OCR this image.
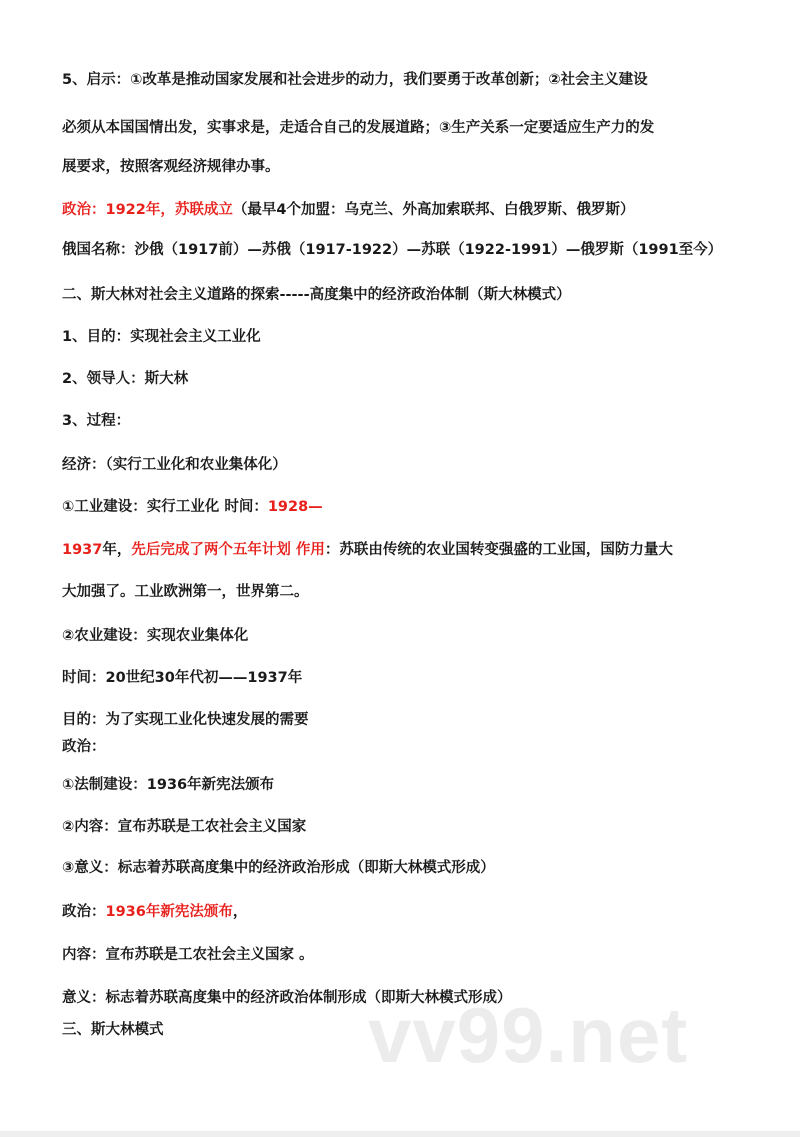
5、启示：①改革是推动国家发展和社会进步的动力，我们要勇于改革创新；②社会主义建设
必须从本国国情出发，实事求是，走适合自己的发展道路；③生产关系一定要适应生产力的发
展要求，按照客观经济规律办事。
政治：1922年，苏联成立（最早4个加盟：乌克兰、外高加索联邦、白俄罗斯、俄罗斯）
俄国名称：沙俄（1917前）—苏俄（1917-1922）—苏联（1922-1991）—俄罗斯（1991至今）
二、斯大林对社会主义道路的探索-----高度集中的经济政治体制（斯大林模式）
1、目的：实现社会主义工业化
2、领导人：斯大林
3、过程：
经济：（实行工业化和农业集体化）
①工业建设：实行工业化 时间：1928—
1937年，先后完成了两个五年计划 作用：苏联由传统的农业国转变强盛的工业国，国防力量大
大加强了。工业欧洲第一，世界第二。
②农业建设：实现农业集体化
时间：20世纪30年代初——1937年
目的：为了实现工业化快速发展的需要
政治：
①法制建设：1936年新宪法颁布
②内容：宣布苏联是工农社会主义国家
③意义：标志着苏联高度集中的经济政治形成（即斯大林模式形成）
政治：1936年新宪法颁布，
内容：宣布苏联是工农社会主义国家 。
意义：标志着苏联高度集中的经济政治体制形成（即斯大林模式形成）
三、斯大林模式	vv99.net
